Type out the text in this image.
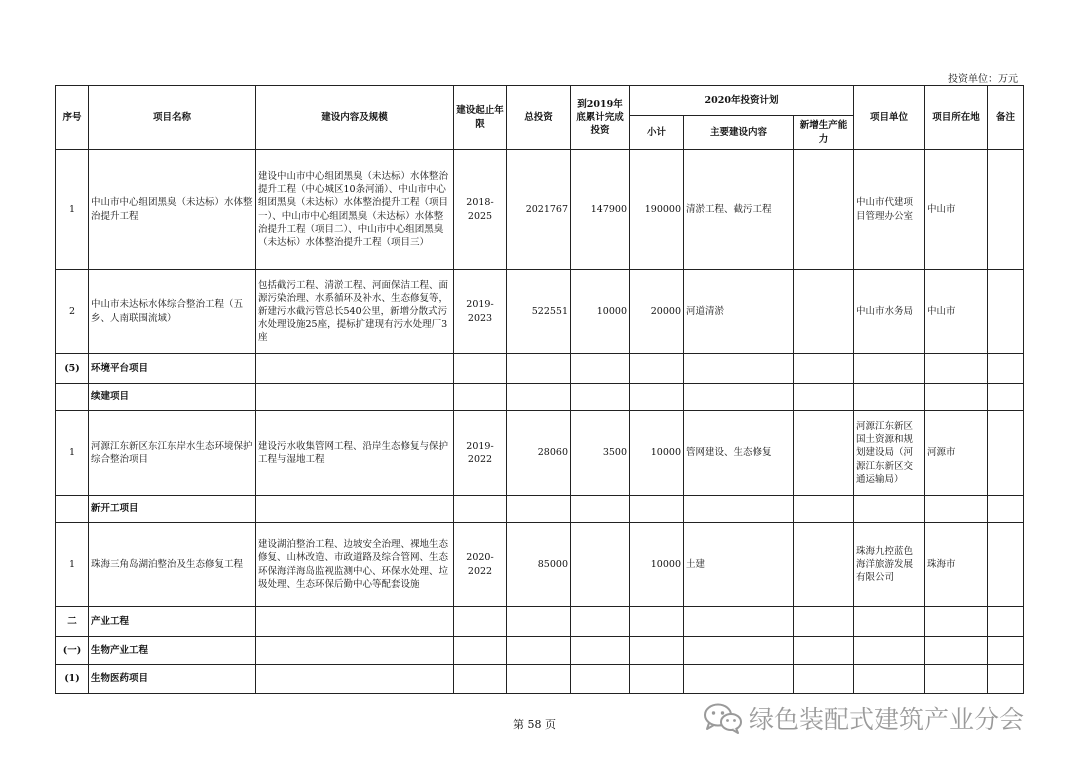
投资单位：万元
序号	项目名称	建设内容及规模	建设起止年限	总投资	到2019年底累计完成投资	2020年投资计划			项目单位	项目所在地	备注
						小计	主要建设内容	新增生产能力			
1	中山市中心组团黑臭（未达标）水体整治提升工程	建设中山市中心组团黑臭（未达标）水体整治提升工程（中心城区10条河涌）、中山市中心组团黑臭（未达标）水体整治提升工程（项目一）、中山市中心组团黑臭（未达标）水体整治提升工程（项目二）、中山市中心组团黑臭（未达标）水体整治提升工程（项目三）	2018-2025	2021767	147900	190000	清淤工程、截污工程		中山市代建项目管理办公室	中山市	
2	中山市未达标水体综合整治工程（五乡、人南联围流域）	包括截污工程、清淤工程、河面保洁工程、面源污染治理、水系循环及补水、生态修复等，新建污水截污管总长540公里，新增分散式污水处理设施25座，提标扩建现有污水处理厂3座	2019-2023	522551	10000	20000	河道清淤		中山市水务局	中山市	
(5)	环境平台项目										
	续建项目										
1	河源江东新区东江东岸水生态环境保护综合整治项目	建设污水收集管网工程、沿岸生态修复与保护工程与湿地工程	2019-2022	28060	3500	10000	管网建设、生态修复		河源江东新区国土资源和规划建设局（河源江东新区交通运输局）	河源市	
	新开工项目										
1	珠海三角岛湖泊整治及生态修复工程	建设湖泊整治工程、边坡安全治理、裸地生态修复、山林改造、市政道路及综合管网、生态环保海洋海岛监视监测中心、环保水处理、垃圾处理、生态环保后勤中心等配套设施	2020-2022	85000		10000	土建		珠海九控蓝色海洋旅游发展有限公司	珠海市	
二	产业工程										
(一)	生物产业工程										
(1)	生物医药项目										
第 58 页	绿色装配式建筑产业分会
